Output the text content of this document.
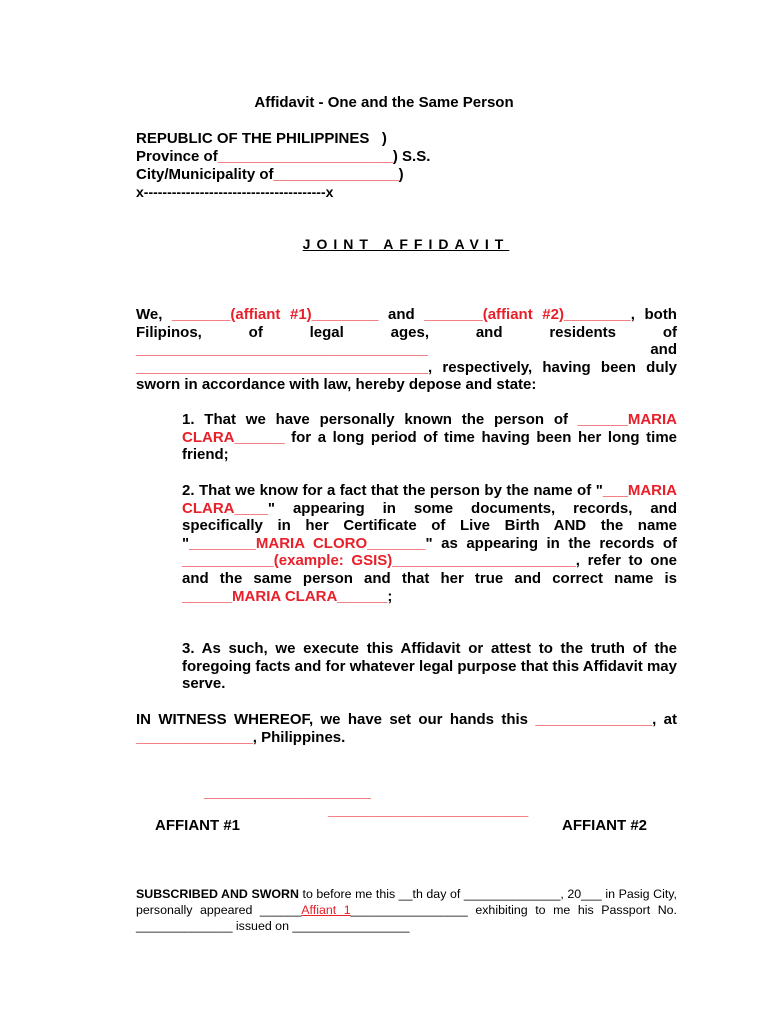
Affidavit - One and the Same Person
REPUBLIC OF THE PHILIPPINES   )
Province of_____________________) S.S.
City/Municipality of_______________)
x---------------------------------------x
JOINT AFFIDAVIT
We, _______(affiant #1)________ and _______(affiant #2)________, both Filipinos, of legal ages, and residents of ___________________________________ and ___________________________________, respectively, having been duly sworn in accordance with law, hereby depose and state:
1. That we have personally known the person of ______MARIA CLARA______ for a long period of time having been her long time friend;
2. That we know for a fact that the person by the name of "___MARIA CLARA____" appearing in some documents, records, and specifically in her Certificate of Live Birth AND the name "________MARIA CLORO_______" as appearing in the records of ___________(example: GSIS)______________________, refer to one and the same person and that her true and correct name is ______MARIA CLARA______;
3. As such, we execute this Affidavit or attest to the truth of the foregoing facts and for whatever legal purpose that this Affidavit may serve.
IN WITNESS WHEREOF, we have set our hands this ______________, at ______________, Philippines.
____________________
________________________
AFFIANT #1	AFFIANT #2
SUBSCRIBED AND SWORN to before me this __th day of ______________, 20___ in Pasig City, personally appeared ______Affiant 1_________________ exhibiting to me his Passport No. ______________ issued on _________________
